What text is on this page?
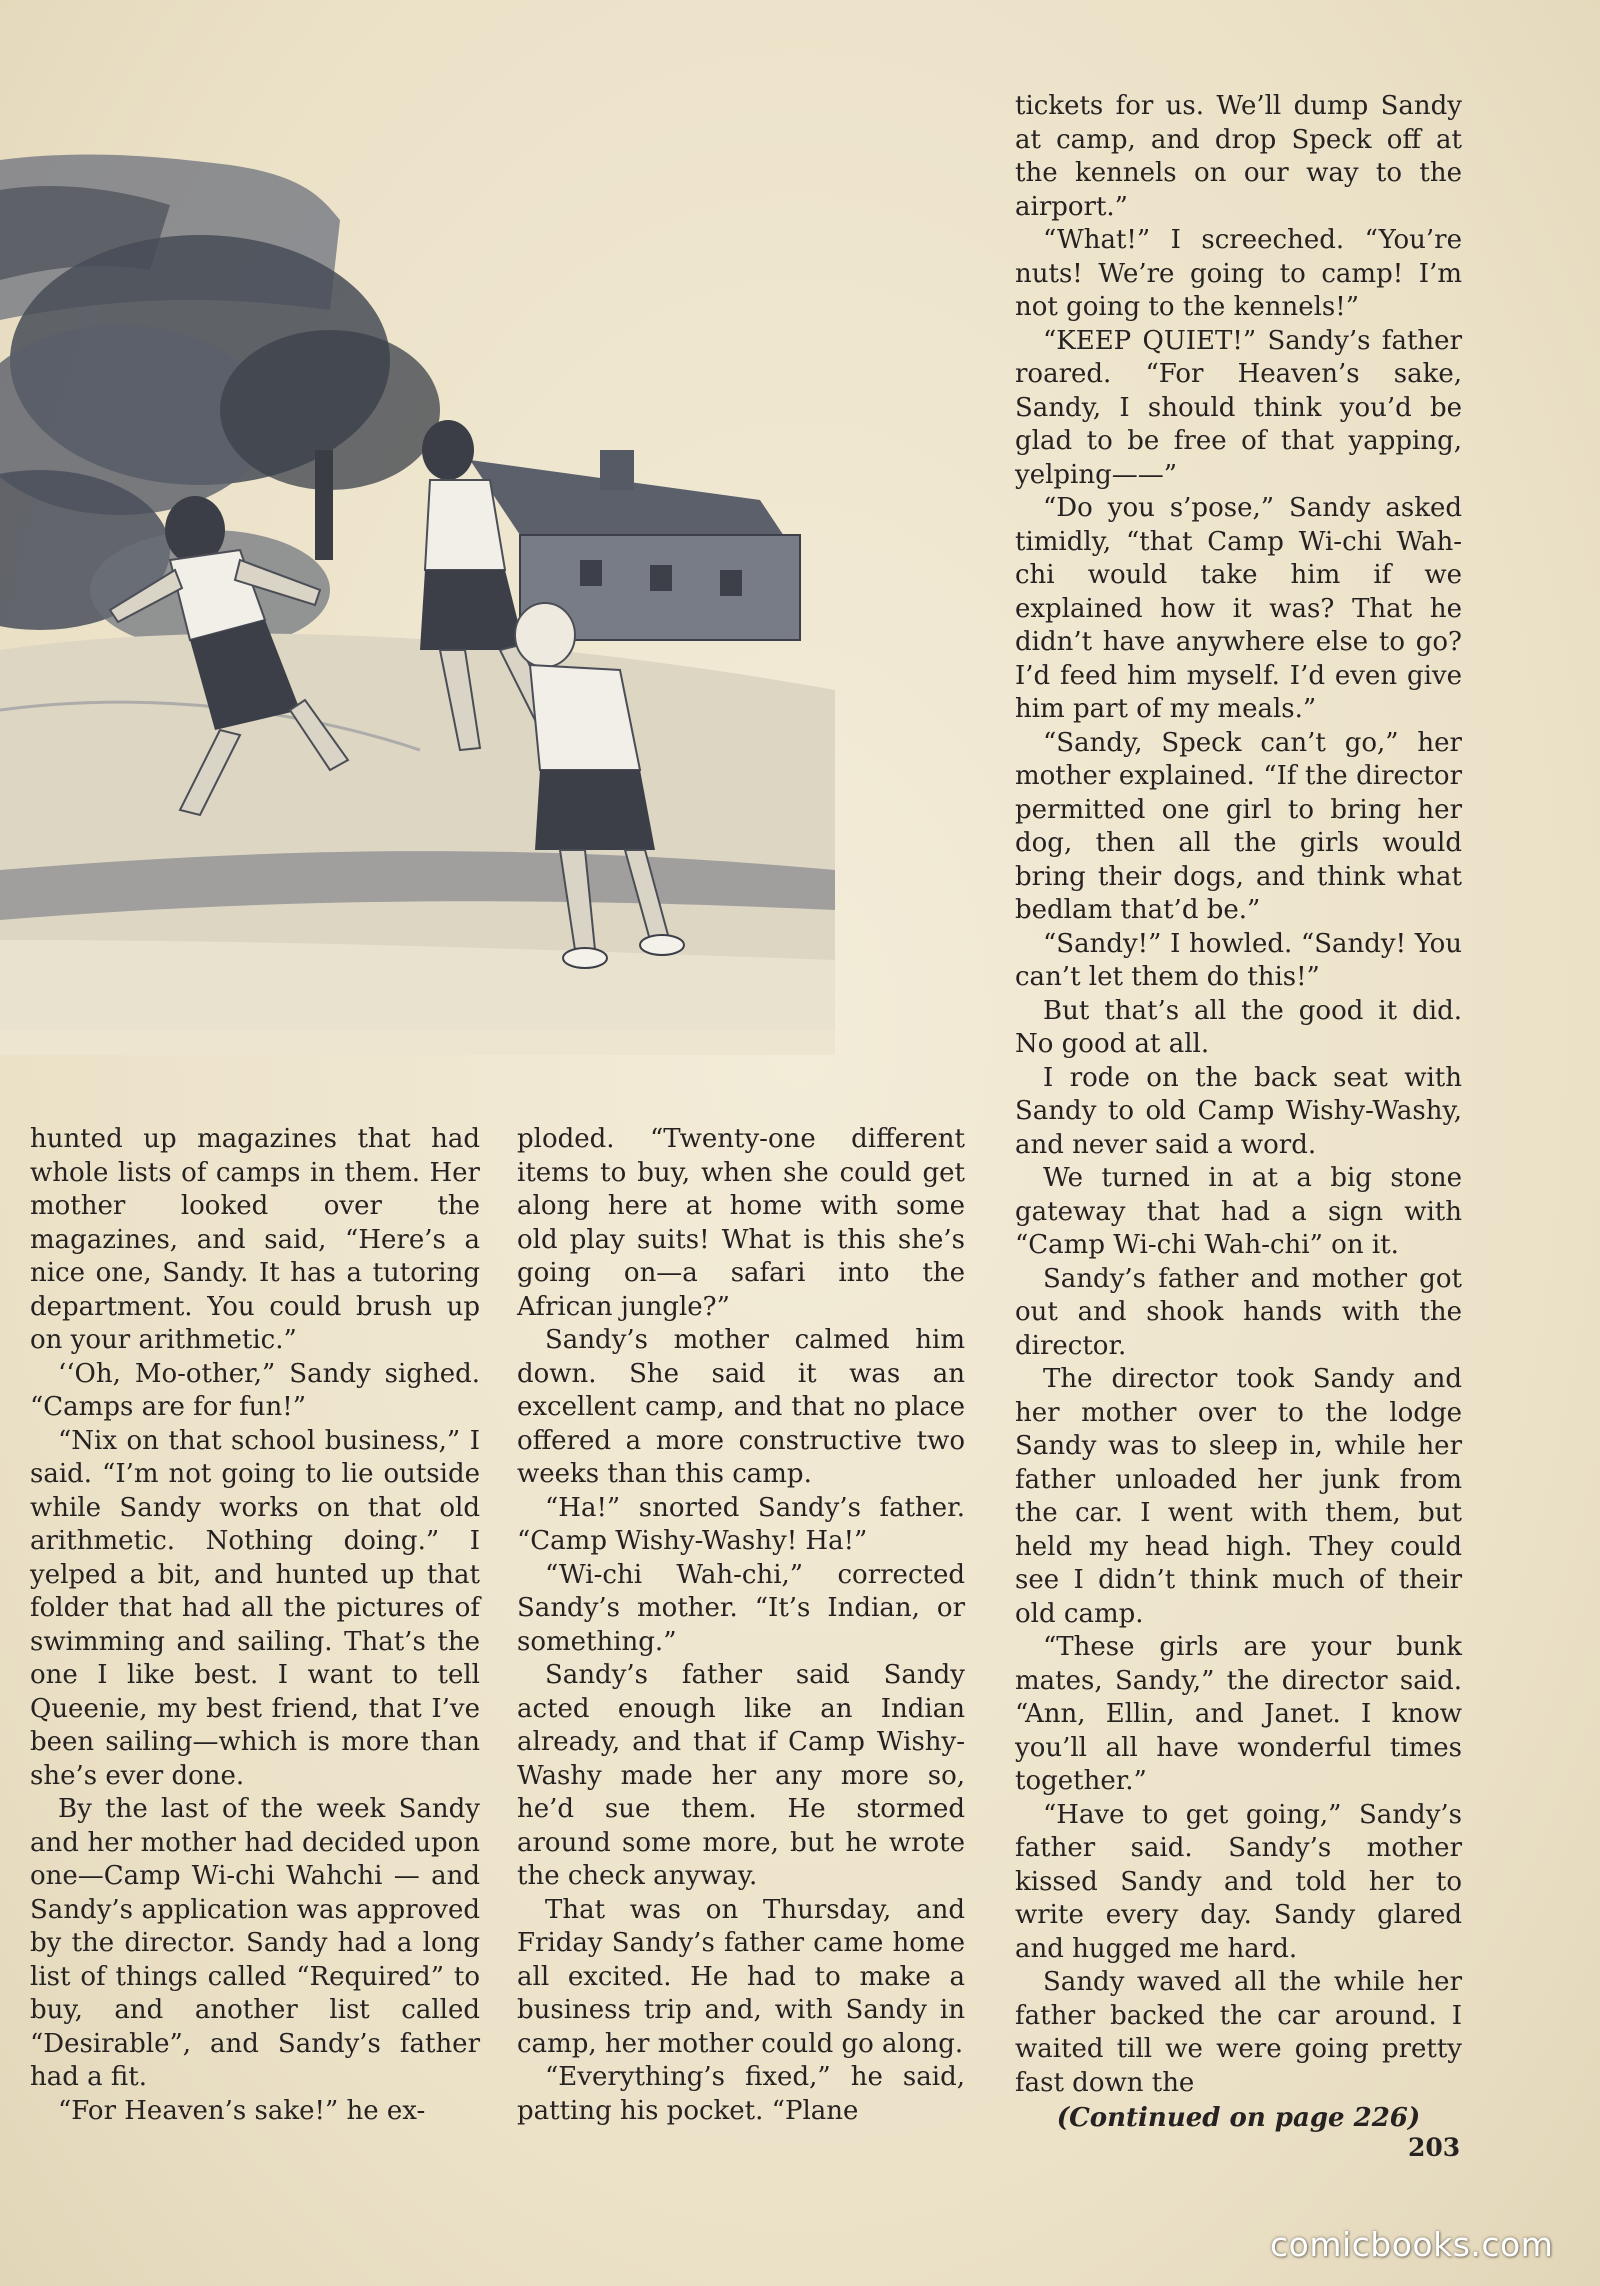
hunted up magazines that had whole lists of camps in them. Her mother looked over the magazines, and said, “Here’s a nice one, Sandy. It has a tutoring department. You could brush up on your arithmetic.”

‘‘Oh, Mo-other,” Sandy sighed. “Camps are for fun!”

“Nix on that school business,” I said. “I’m not going to lie outside while Sandy works on that old arithmetic. Nothing doing.” I yelped a bit, and hunted up that folder that had all the pictures of swimming and sailing. That’s the one I like best. I want to tell Queenie, my best friend, that I’ve been sailing—which is more than she’s ever done.

By the last of the week Sandy and her mother had decided upon one—Camp Wi-chi Wahchi — and Sandy’s application was approved by the director. Sandy had a long list of things called “Required” to buy, and another list called “Desirable”, and Sandy’s father had a fit.

“For Heaven’s sake!” he ex-

ploded. “Twenty-one different items to buy, when she could get along here at home with some old play suits! What is this she’s going on—a safari into the African jungle?”

Sandy’s mother calmed him down. She said it was an excellent camp, and that no place offered a more constructive two weeks than this camp.

“Ha!” snorted Sandy’s father. “Camp Wishy-Washy! Ha!”

“Wi-chi Wah-chi,” corrected Sandy’s mother. “It’s Indian, or something.”

Sandy’s father said Sandy acted enough like an Indian already, and that if Camp Wishy-Washy made her any more so, he’d sue them. He stormed around some more, but he wrote the check anyway.

That was on Thursday, and Friday Sandy’s father came home all excited. He had to make a business trip and, with Sandy in camp, her mother could go along.

“Everything’s fixed,” he said, patting his pocket. “Plane

tickets for us. We’ll dump Sandy at camp, and drop Speck off at the kennels on our way to the airport.”

“What!” I screeched. “You’re nuts! We’re going to camp! I’m not going to the kennels!”

“KEEP QUIET!” Sandy’s father roared. “For Heaven’s sake, Sandy, I should think you’d be glad to be free of that yapping, yelping——”

“Do you s’pose,” Sandy asked timidly, “that Camp Wi-chi Wah-chi would take him if we explained how it was? That he didn’t have anywhere else to go? I’d feed him myself. I’d even give him part of my meals.”

“Sandy, Speck can’t go,” her mother explained. “If the director permitted one girl to bring her dog, then all the girls would bring their dogs, and think what bedlam that’d be.”

“Sandy!” I howled. “Sandy! You can’t let them do this!”

But that’s all the good it did. No good at all.

I rode on the back seat with Sandy to old Camp Wishy-Washy, and never said a word.

We turned in at a big stone gateway that had a sign with “Camp Wi-chi Wah-chi” on it.

Sandy’s father and mother got out and shook hands with the director.

The director took Sandy and her mother over to the lodge Sandy was to sleep in, while her father unloaded her junk from the car. I went with them, but held my head high. They could see I didn’t think much of their old camp.

“These girls are your bunk mates, Sandy,” the director said. “Ann, Ellin, and Janet. I know you’ll all have wonderful times together.”

“Have to get going,” Sandy’s father said. Sandy’s mother kissed Sandy and told her to write every day. Sandy glared and hugged me hard.

Sandy waved all the while her father backed the car around. I waited till we were going pretty fast down the

(Continued on page 226)

203
comicbooks.com
